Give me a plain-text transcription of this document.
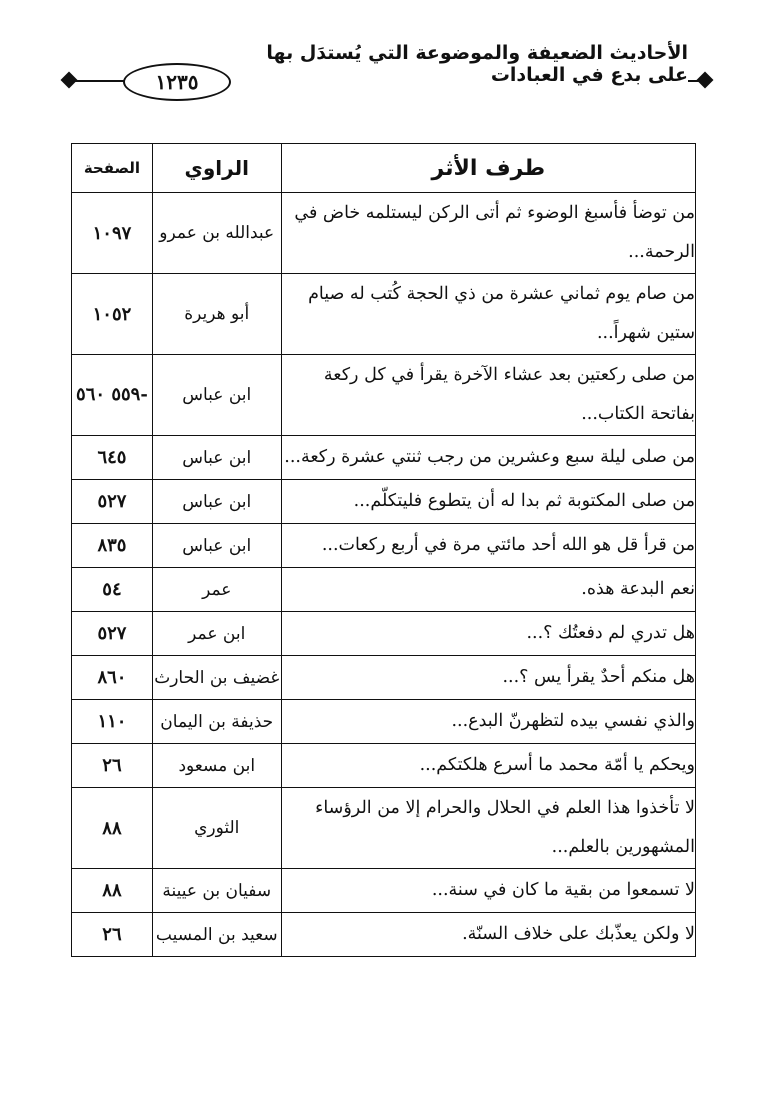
الأحاديث الضعيفة والموضوعة التي يُستدَل بها على بدع في العبادات
١٢٣٥
طرف الأثر	الراوي	الصفحة
من توضأ فأسبغ الوضوء ثم أتى الركن ليستلمه خاض في الرحمة...	عبدالله بن عمرو	١٠٩٧
من صام يوم ثماني عشرة من ذي الحجة كُتب له صيام ستين شهراً...	أبو هريرة	١٠٥٢
من صلى ركعتين بعد عشاء الآخرة يقرأ في كل ركعة بفاتحة الكتاب...	ابن عباس	-٥٥٩ ٥٦٠
من صلى ليلة سبع وعشرين من رجب ثنتي عشرة ركعة...	ابن عباس	٦٤٥
من صلى المكتوبة ثم بدا له أن يتطوع فليتكلّم...	ابن عباس	٥٢٧
من قرأ قل هو الله أحد مائتي مرة في أربع ركعات...	ابن عباس	٨٣٥
نعم البدعة هذه.	عمر	٥٤
هل تدري لم دفعتُك ؟...	ابن عمر	٥٢٧
هل منكم أحدٌ يقرأ يس ؟...	غضيف بن الحارث	٨٦٠
والذي نفسي بيده لتظهرنّ البدع...	حذيفة بن اليمان	١١٠
ويحكم يا أمّة محمد ما أسرع هلكتكم...	ابن مسعود	٢٦
لا تأخذوا هذا العلم في الحلال والحرام إلا من الرؤساء المشهورين بالعلم...	الثوري	٨٨
لا تسمعوا من بقية ما كان في سنة...	سفيان بن عيينة	٨٨
لا ولكن يعذّبك على خلاف السنّة.	سعيد بن المسيب	٢٦
